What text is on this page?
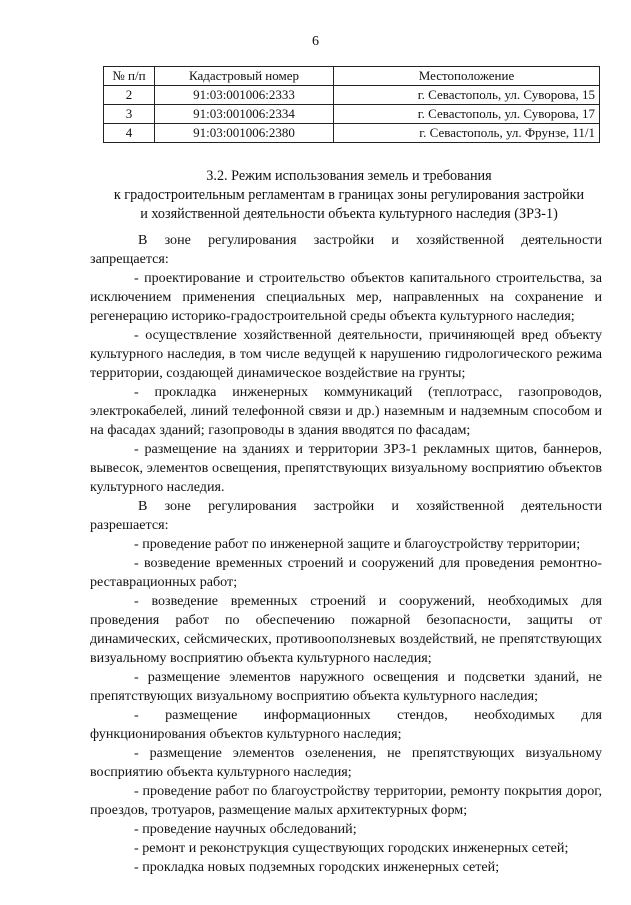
6
№ п/п	Кадастровый номер	Местоположение
2	91:03:001006:2333	г. Севастополь, ул. Суворова, 15
3	91:03:001006:2334	г. Севастополь, ул. Суворова, 17
4	91:03:001006:2380	г. Севастополь, ул. Фрунзе, 11/1
3.2. Режим использования земель и требования
к градостроительным регламентам в границах зоны регулирования застройки
и хозяйственной деятельности объекта культурного наследия (ЗРЗ-1)

В зоне регулирования застройки и хозяйственной деятельности запрещается:

- проектирование и строительство объектов капитального строительства, за исключением применения специальных мер, направленных на сохранение и регенерацию историко-градостроительной среды объекта культурного наследия;

- осуществление хозяйственной деятельности, причиняющей вред объекту культурного наследия, в том числе ведущей к нарушению гидрологического режима территории, создающей динамическое воздействие на грунты;

- прокладка инженерных коммуникаций (теплотрасс, газопроводов, электрокабелей, линий телефонной связи и др.) наземным и надземным способом и на фасадах зданий; газопроводы в здания вводятся по фасадам;

- размещение на зданиях и территории ЗРЗ-1 рекламных щитов, баннеров, вывесок, элементов освещения, препятствующих визуальному восприятию объектов культурного наследия.

В зоне регулирования застройки и хозяйственной деятельности разрешается:

- проведение работ по инженерной защите и благоустройству территории;

- возведение временных строений и сооружений для проведения ремонтно-реставрационных работ;

- возведение временных строений и сооружений, необходимых для проведения работ по обеспечению пожарной безопасности, защиты от динамических, сейсмических, противооползневых воздействий, не препятствующих визуальному восприятию объекта культурного наследия;

- размещение элементов наружного освещения и подсветки зданий, не препятствующих визуальному восприятию объекта культурного наследия;

- размещение информационных стендов, необходимых для функционирования объектов культурного наследия;

- размещение элементов озеленения, не препятствующих визуальному восприятию объекта культурного наследия;

- проведение работ по благоустройству территории, ремонту покрытия дорог, проездов, тротуаров, размещение малых архитектурных форм;

- проведение научных обследований;

- ремонт и реконструкция существующих городских инженерных сетей;

- прокладка новых подземных городских инженерных сетей;
